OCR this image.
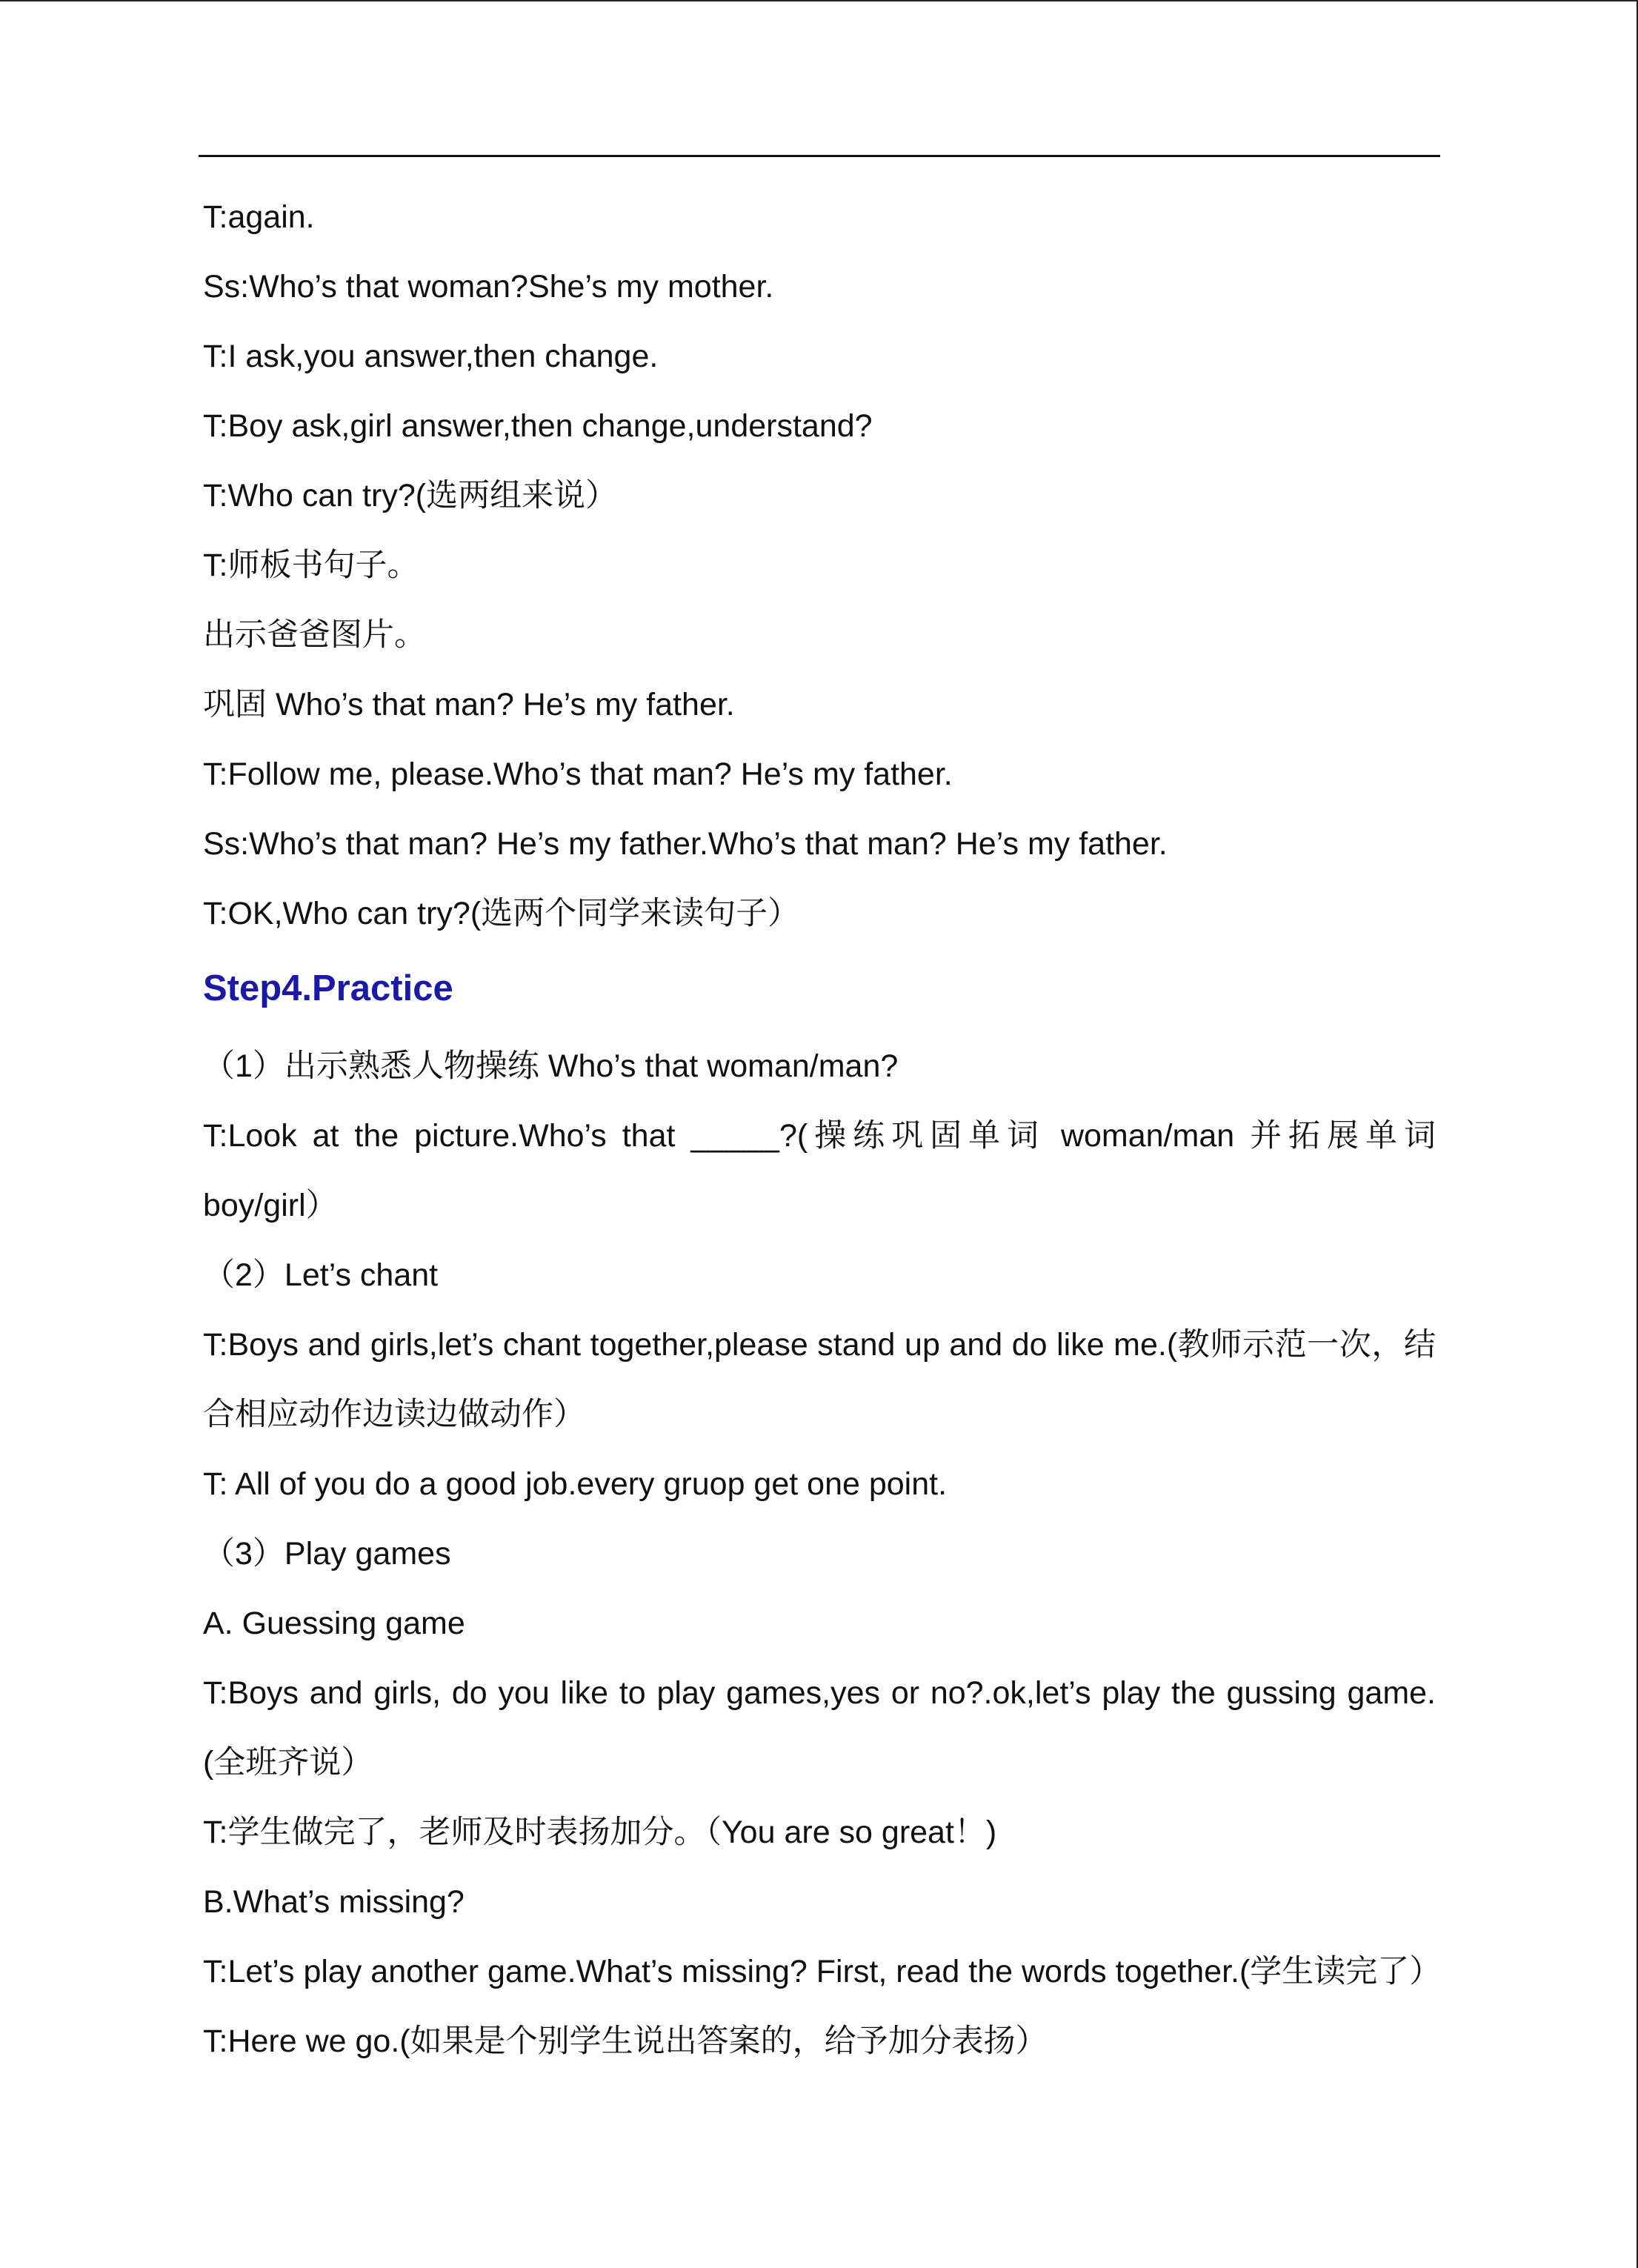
T:again.
Ss:Who’s that woman?She’s my mother.
T:I ask,you answer,then change.
T:Boy ask,girl answer,then change,understand?
T:Who can try?(选两组来说）
T:师板书句子。
出示爸爸图片。
巩固 Who’s that man? He’s my father.
T:Follow me, please.Who’s that man? He’s my father.
Ss:Who’s that man? He’s my father.Who’s that man? He’s my father.
T:OK,Who can try?(选两个同学来读句子）
Step4.Practice
（1）出示熟悉人物操练 Who’s that woman/man?
T:Look at the picture.Who’s that _____?(操练巩固单词 woman/man 并拓展单词 boy/girl）
（2）Let’s chant
T:Boys and girls,let’s chant together,please stand up and do like me.(教师示范一次，结合相应动作边读边做动作）
T: All of you do a good job.every gruop get one point.
（3）Play games
A. Guessing game
T:Boys and girls, do you like to play games,yes or no?.ok,let’s play the gussing game.(全班齐说）
T:学生做完了，老师及时表扬加分。（You are so great！)
B.What’s missing?
T:Let’s play another game.What’s missing? First, read the words together.(学生读完了）
T:Here we go.(如果是个别学生说出答案的，给予加分表扬）
